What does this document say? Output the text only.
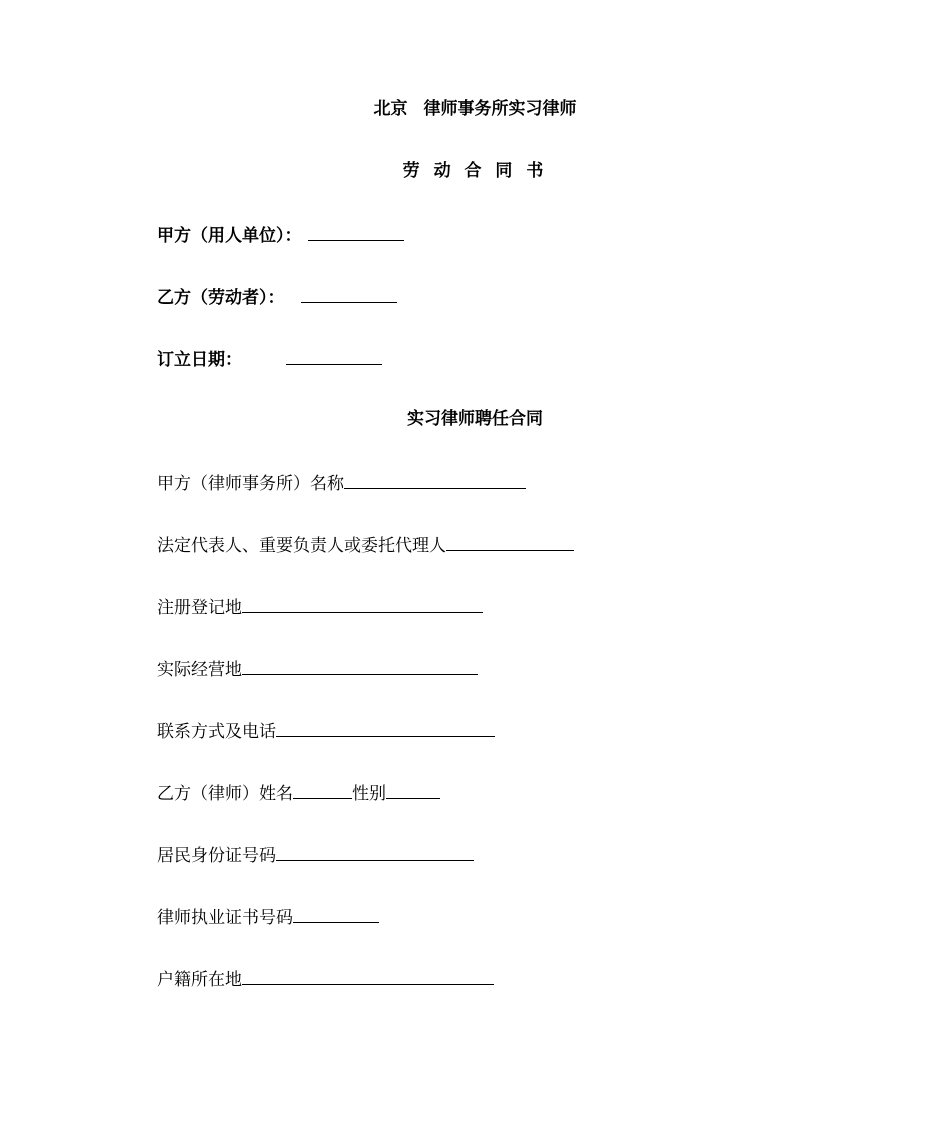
北京 律师事务所实习律师
劳 动 合 同 书
甲方（用人单位）：
乙方（劳动者）：
订立日期：
实习律师聘任合同
甲方（律师事务所）名称
法定代表人、重要负责人或委托代理人
注册登记地
实际经营地
联系方式及电话
乙方（律师）姓名	性别
居民身份证号码
律师执业证书号码
户籍所在地
